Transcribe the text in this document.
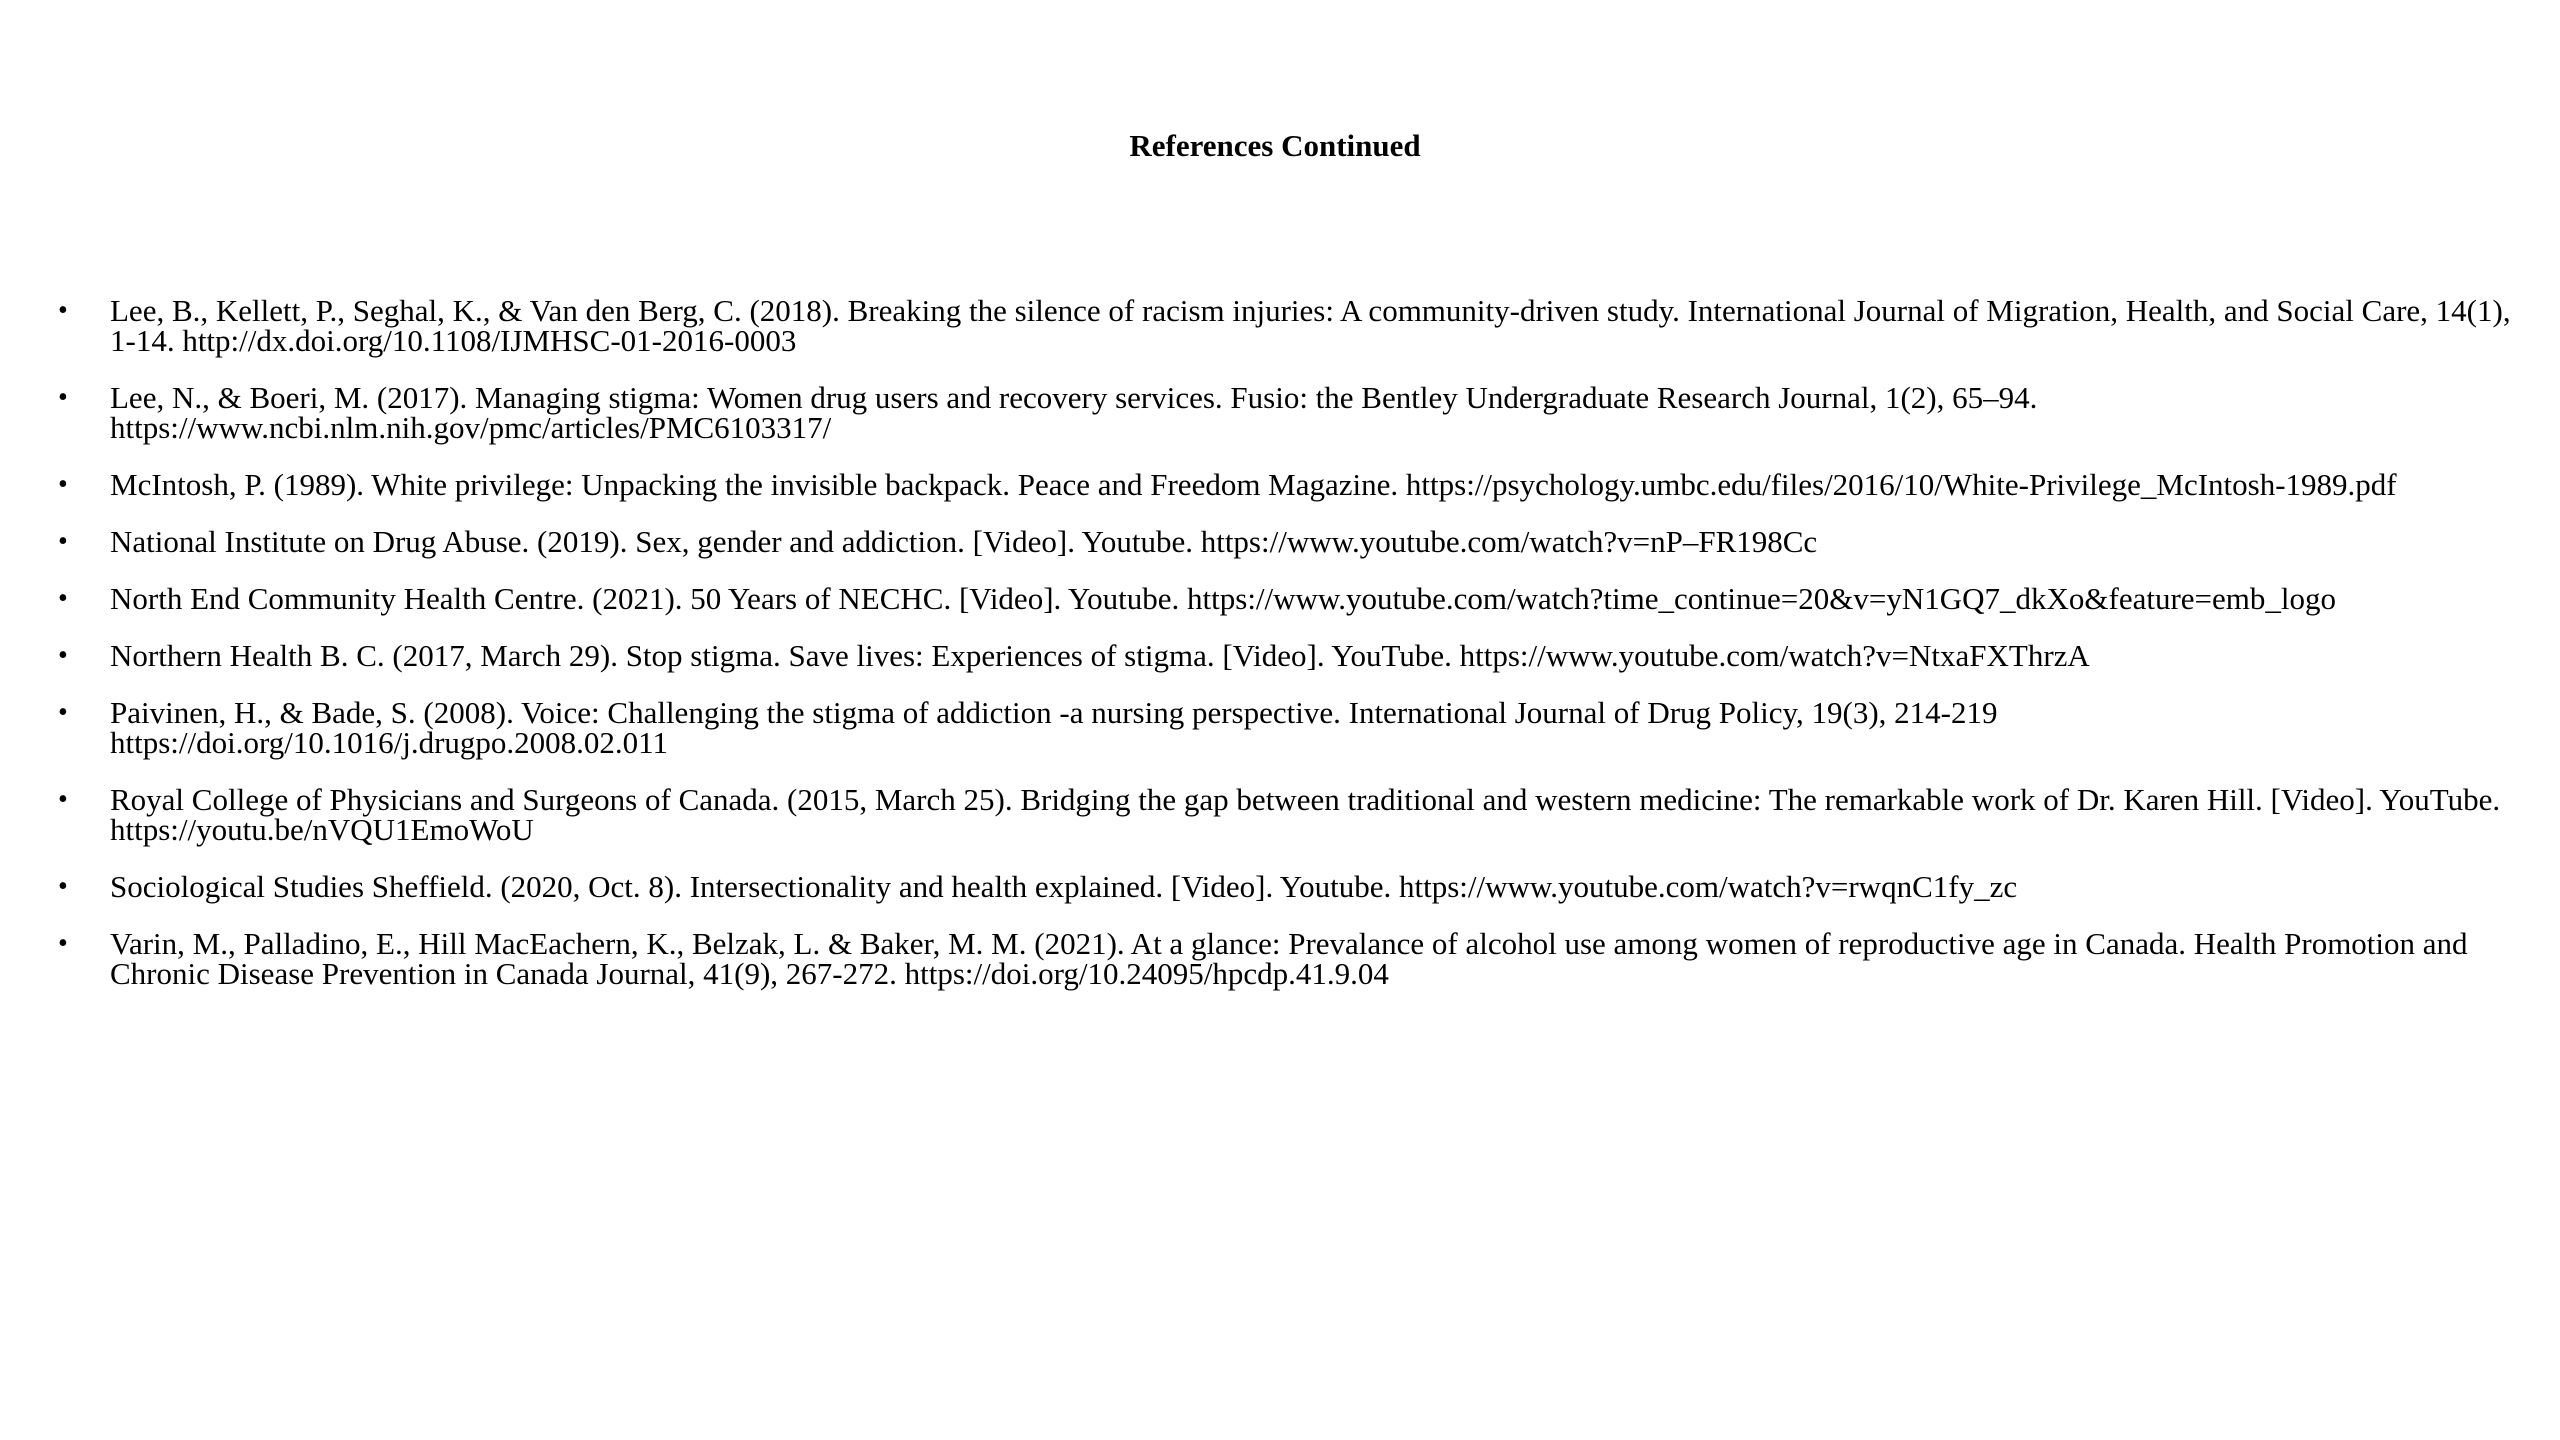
References Continued
• Lee, B., Kellett, P., Seghal, K., & Van den Berg, C. (2018). Breaking the silence of racism injuries: A community-driven study. International Journal of Migration, Health, and Social Care, 14(1), 1-14. http://dx.doi.org/10.1108/IJMHSC-01-2016-0003
• Lee, N., & Boeri, M. (2017). Managing stigma: Women drug users and recovery services. Fusio: the Bentley Undergraduate Research Journal, 1(2), 65–94. https://www.ncbi.nlm.nih.gov/pmc/articles/PMC6103317/
• McIntosh, P. (1989). White privilege: Unpacking the invisible backpack. Peace and Freedom Magazine. https://psychology.umbc.edu/files/2016/10/White-Privilege_McIntosh-1989.pdf
• National Institute on Drug Abuse. (2019). Sex, gender and addiction. [Video]. Youtube. https://www.youtube.com/watch?v=nP–FR198Cc
• North End Community Health Centre. (2021). 50 Years of NECHC. [Video]. Youtube. https://www.youtube.com/watch?time_continue=20&v=yN1GQ7_dkXo&feature=emb_logo
• Northern Health B. C. (2017, March 29). Stop stigma. Save lives: Experiences of stigma. [Video]. YouTube. https://www.youtube.com/watch?v=NtxaFXThrzA
• Paivinen, H., & Bade, S. (2008). Voice: Challenging the stigma of addiction -a nursing perspective. International Journal of Drug Policy, 19(3), 214-219 https://doi.org/10.1016/j.drugpo.2008.02.011
• Royal College of Physicians and Surgeons of Canada. (2015, March 25). Bridging the gap between traditional and western medicine: The remarkable work of Dr. Karen Hill. [Video]. YouTube. https://youtu.be/nVQU1EmoWoU
• Sociological Studies Sheffield. (2020, Oct. 8). Intersectionality and health explained. [Video]. Youtube. https://www.youtube.com/watch?v=rwqnC1fy_zc
• Varin, M., Palladino, E., Hill MacEachern, K., Belzak, L. & Baker, M. M. (2021). At a glance: Prevalance of alcohol use among women of reproductive age in Canada. Health Promotion and Chronic Disease Prevention in Canada Journal, 41(9), 267-272. https://doi.org/10.24095/hpcdp.41.9.04
